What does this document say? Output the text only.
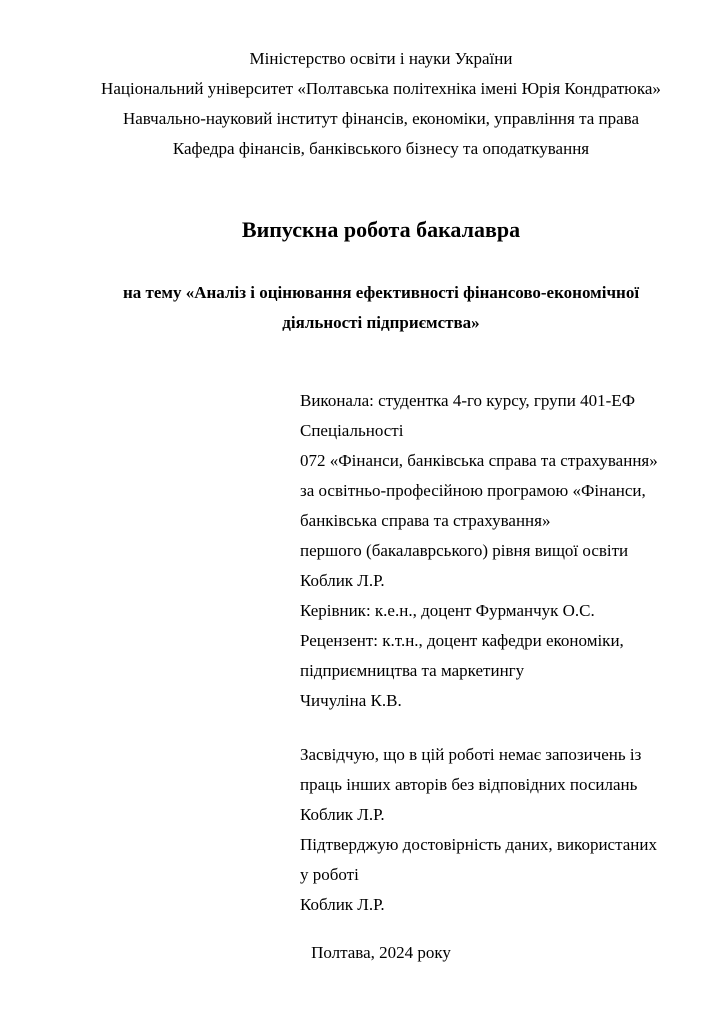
Міністерство освіти і науки України
Національний університет «Полтавська політехніка імені Юрія Кондратюка»
Навчально-науковий інститут фінансів, економіки, управління та права
Кафедра фінансів, банківського бізнесу та оподаткування
Випускна робота бакалавра
на тему «Аналіз і оцінювання ефективності фінансово-економічної
діяльності підприємства»
Виконала: студентка 4-го курсу, групи 401-ЕФ
Спеціальності
072 «Фінанси, банківська справа та страхування»
за освітньо-професійною програмою «Фінанси,
банківська справа та страхування»
першого (бакалаврського) рівня вищої освіти
Коблик Л.Р.
Керівник: к.е.н., доцент Фурманчук О.С.
Рецензент: к.т.н., доцент кафедри економіки,
підприємництва та маркетингу
Чичуліна К.В.
Засвідчую, що в цій роботі немає запозичень із
праць інших авторів без відповідних посилань
Коблик Л.Р.
Підтверджую достовірність даних, використаних
у роботі
Коблик Л.Р.
Полтава, 2024 року
